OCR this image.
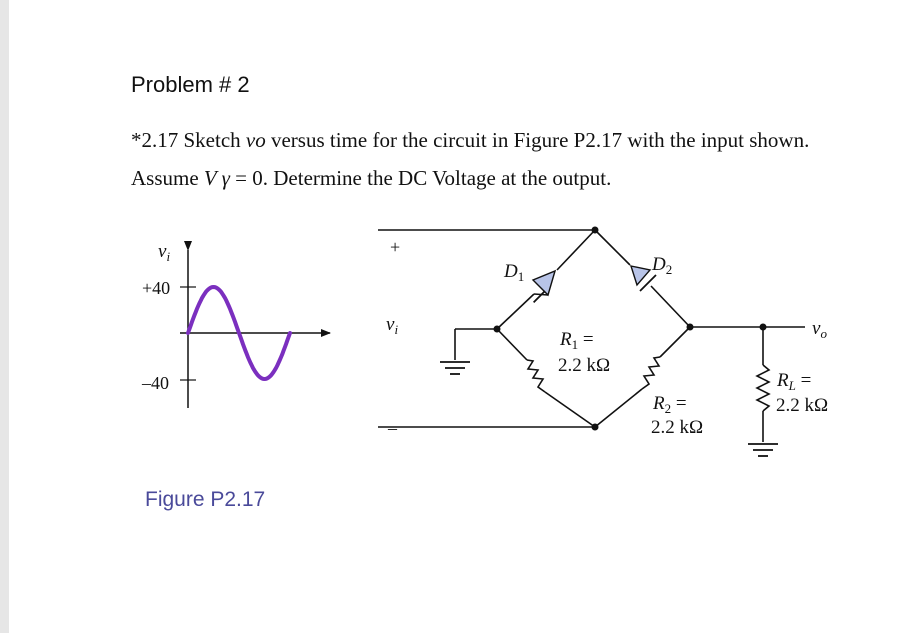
Problem # 2
*2.17 Sketch vo versus time for the circuit in Figure P2.17 with the input shown.
Assume V γ = 0. Determine the DC Voltage at the output.
$v_i$
+40
–40
+
–
$v_i$	$v_o$
$D_1$
$D_2$
$R_1$ =
2.2 kΩ
$R_2$ =
2.2 kΩ
$R_L$ =
2.2 kΩ
Figure P2.17
